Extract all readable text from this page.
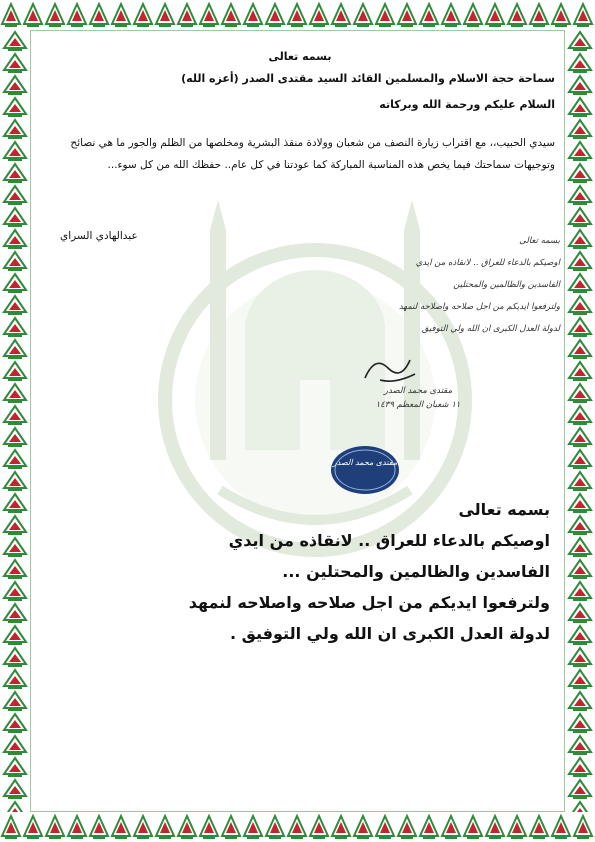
بسمه تعالى
سماحة حجة الاسلام والمسلمين القائد السيد مقتدى الصدر (أعزه الله)
السلام عليكم ورحمة الله وبركاته
سيدي الحبيب،، مع اقتراب زيارة النصف من شعبان وولادة منقذ البشرية ومخلصها من الظلم والجور ما هي نصائح وتوجيهات سماحتك فيما يخص هذه المناسبة المباركة كما عودتنا في كل عام.. حفظك الله من كل سوء...
عبدالهادي السراي	بسمه تعالى
اوصيكم بالدعاء للعراق .. لانقاذه من ايدي
الفاسدين والظالمين والمحتلين
ولترفعوا ايديكم من اجل صلاحه واصلاحه لنمهد
لدولة العدل الكبرى ان الله ولي التوفيق
مقتدى محمد الصدر
١١ شعبان المعظم ١٤٣٩
مقتدى محمد الصدر
بسمه تعالى
اوصيكم بالدعاء للعراق .. لانقاذه من ايدي
الفاسدين والظالمين والمحتلين ...
ولترفعوا ايديكم من اجل صلاحه واصلاحه لنمهد
لدولة العدل الكبرى ان الله ولي التوفيق .
